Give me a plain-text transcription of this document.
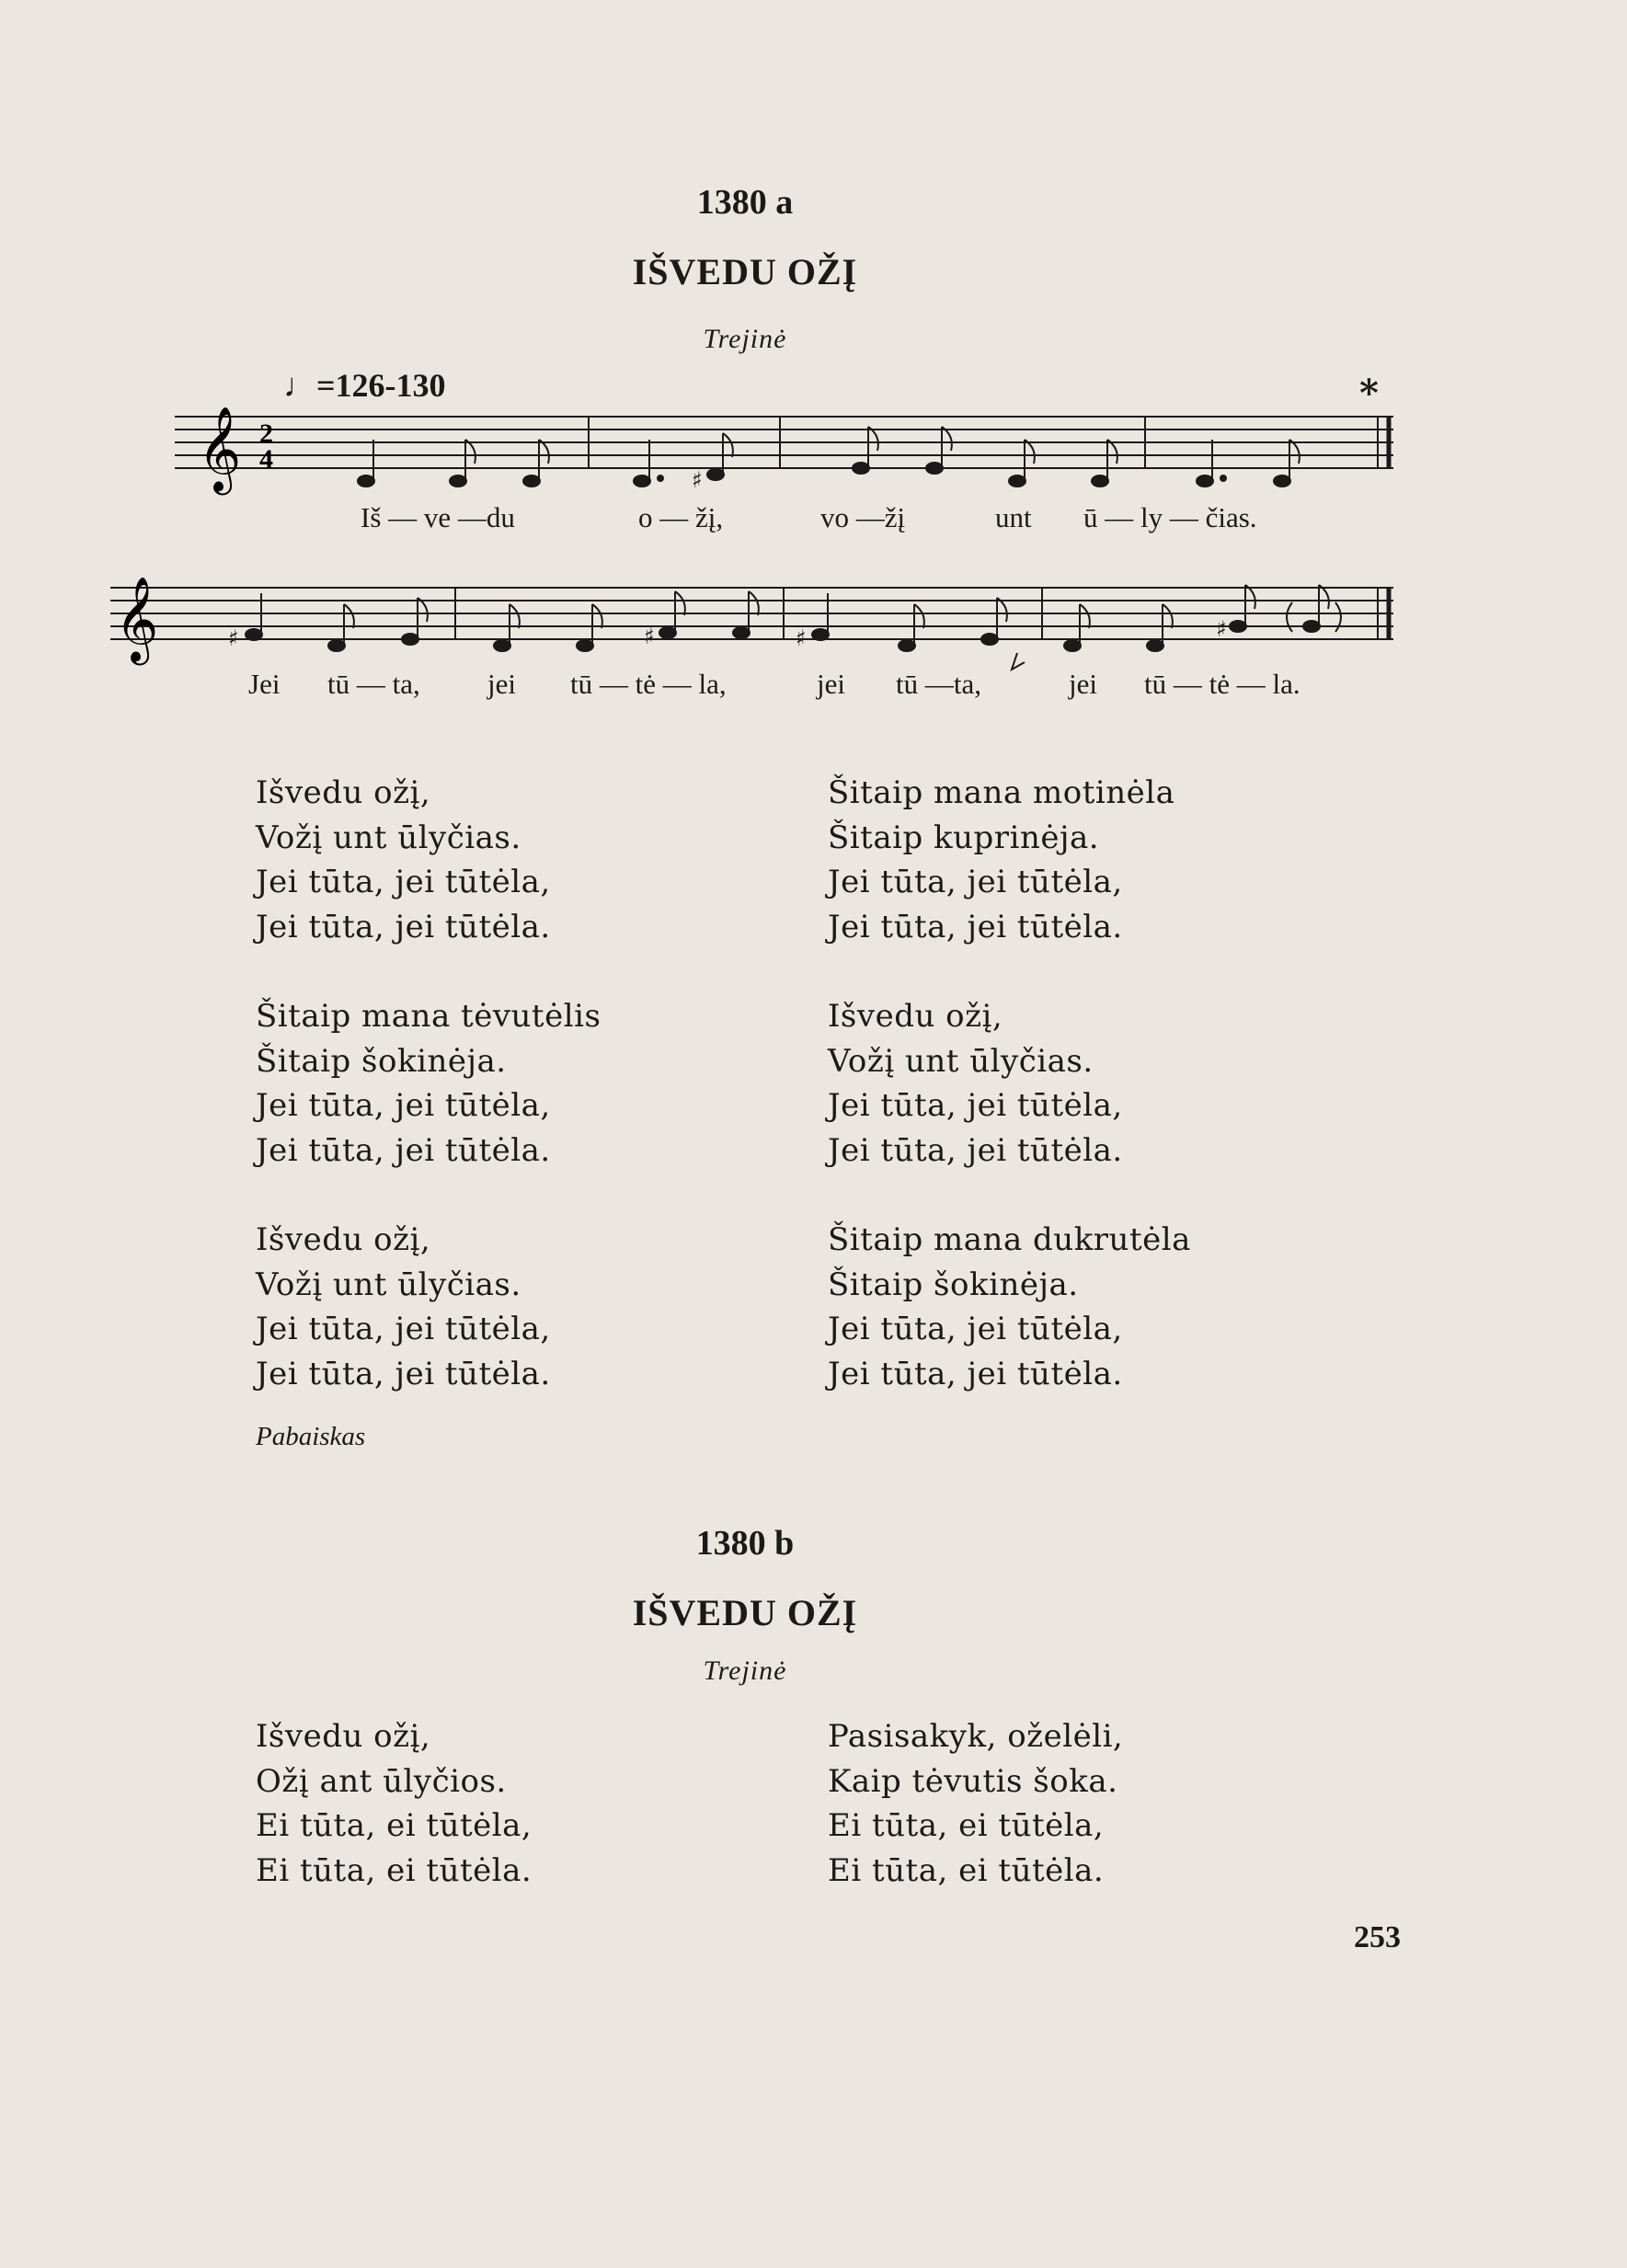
1380 a
IŠVEDU OŽĮ
Trejinė
♩=126-130	*
𝄞 2
4
♯
𝄞	♯	♯	♯	♯
Iš — ve —du	o — žį,	vo —žį	unt ū — ly — čias.
Jei tū — ta, jei tū — tė — la,	jei tū —ta,	jei tū — tė — la.
Išvedu ožį,
Vožį unt ūlyčias.
Jei tūta, jei tūtėla,
Jei tūta, jei tūtėla.
Šitaip mana tėvutėlis
Šitaip šokinėja.
Jei tūta, jei tūtėla,
Jei tūta, jei tūtėla.
Išvedu ožį,
Vožį unt ūlyčias.
Jei tūta, jei tūtėla,
Jei tūta, jei tūtėla.
Šitaip mana motinėla
Šitaip kuprinėja.
Jei tūta, jei tūtėla,
Jei tūta, jei tūtėla.
Išvedu ožį,
Vožį unt ūlyčias.
Jei tūta, jei tūtėla,
Jei tūta, jei tūtėla.
Šitaip mana dukrutėla
Šitaip šokinėja.
Jei tūta, jei tūtėla,
Jei tūta, jei tūtėla.
Pabaiskas
1380 b
IŠVEDU OŽĮ
Trejinė
Išvedu ožį,
Ožį ant ūlyčios.
Ei tūta, ei tūtėla,
Ei tūta, ei tūtėla.
Pasisakyk, oželėli,
Kaip tėvutis šoka.
Ei tūta, ei tūtėla,
Ei tūta, ei tūtėla.
253
